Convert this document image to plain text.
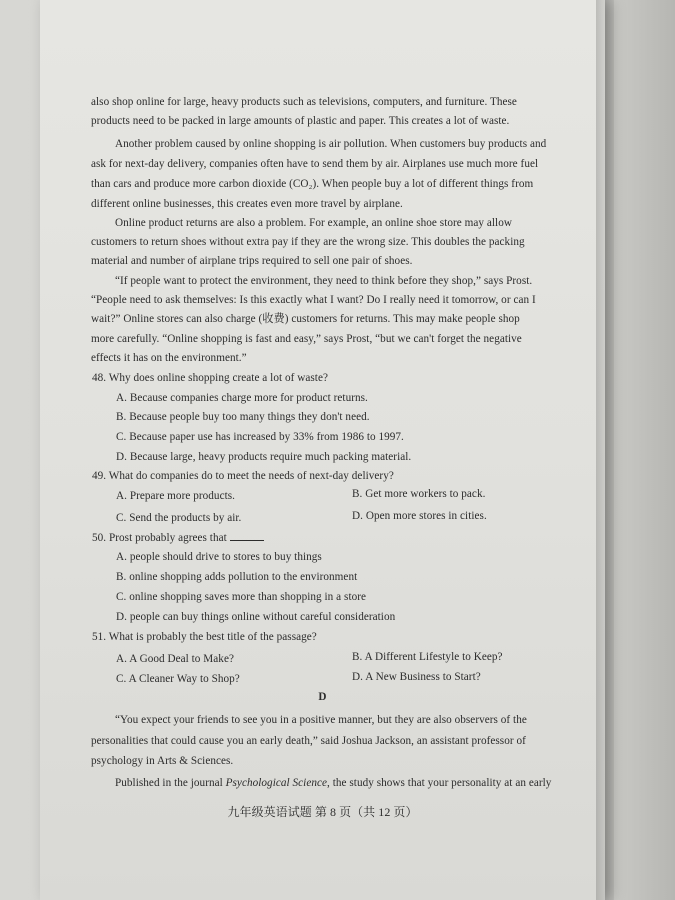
also shop online for large, heavy products such as televisions, computers, and furniture. These
products need to be packed in large amounts of plastic and paper. This creates a lot of waste.
Another problem caused by online shopping is air pollution. When customers buy products and
ask for next-day delivery, companies often have to send them by air. Airplanes use much more fuel
than cars and produce more carbon dioxide (CO₂). When people buy a lot of different things from
different online businesses, this creates even more travel by airplane.
Online product returns are also a problem. For example, an online shoe store may allow
customers to return shoes without extra pay if they are the wrong size. This doubles the packing
material and number of airplane trips required to sell one pair of shoes.
“If people want to protect the environment, they need to think before they shop,” says Prost.
“People need to ask themselves: Is this exactly what I want? Do I really need it tomorrow, or can I
wait?” Online stores can also charge (收费) customers for returns. This may make people shop
more carefully. “Online shopping is fast and easy,” says Prost, “but we can't forget the negative
effects it has on the environment.”
48. Why does online shopping create a lot of waste?
A. Because companies charge more for product returns.
B. Because people buy too many things they don't need.
C. Because paper use has increased by 33% from 1986 to 1997.
D. Because large, heavy products require much packing material.
49. What do companies do to meet the needs of next-day delivery?
A. Prepare more products.	B. Get more workers to pack.
C. Send the products by air.	D. Open more stores in cities.
50. Prost probably agrees that
A. people should drive to stores to buy things
B. online shopping adds pollution to the environment
C. online shopping saves more than shopping in a store
D. people can buy things online without careful consideration
51. What is probably the best title of the passage?
A. A Good Deal to Make?	B. A Different Lifestyle to Keep?
C. A Cleaner Way to Shop?	D. A New Business to Start?
D
“You expect your friends to see you in a positive manner, but they are also observers of the
personalities that could cause you an early death,” said Joshua Jackson, an assistant professor of
psychology in Arts & Sciences.
Published in the journal Psychological Science, the study shows that your personality at an early
九年级英语试题 第 8 页（共 12 页）
